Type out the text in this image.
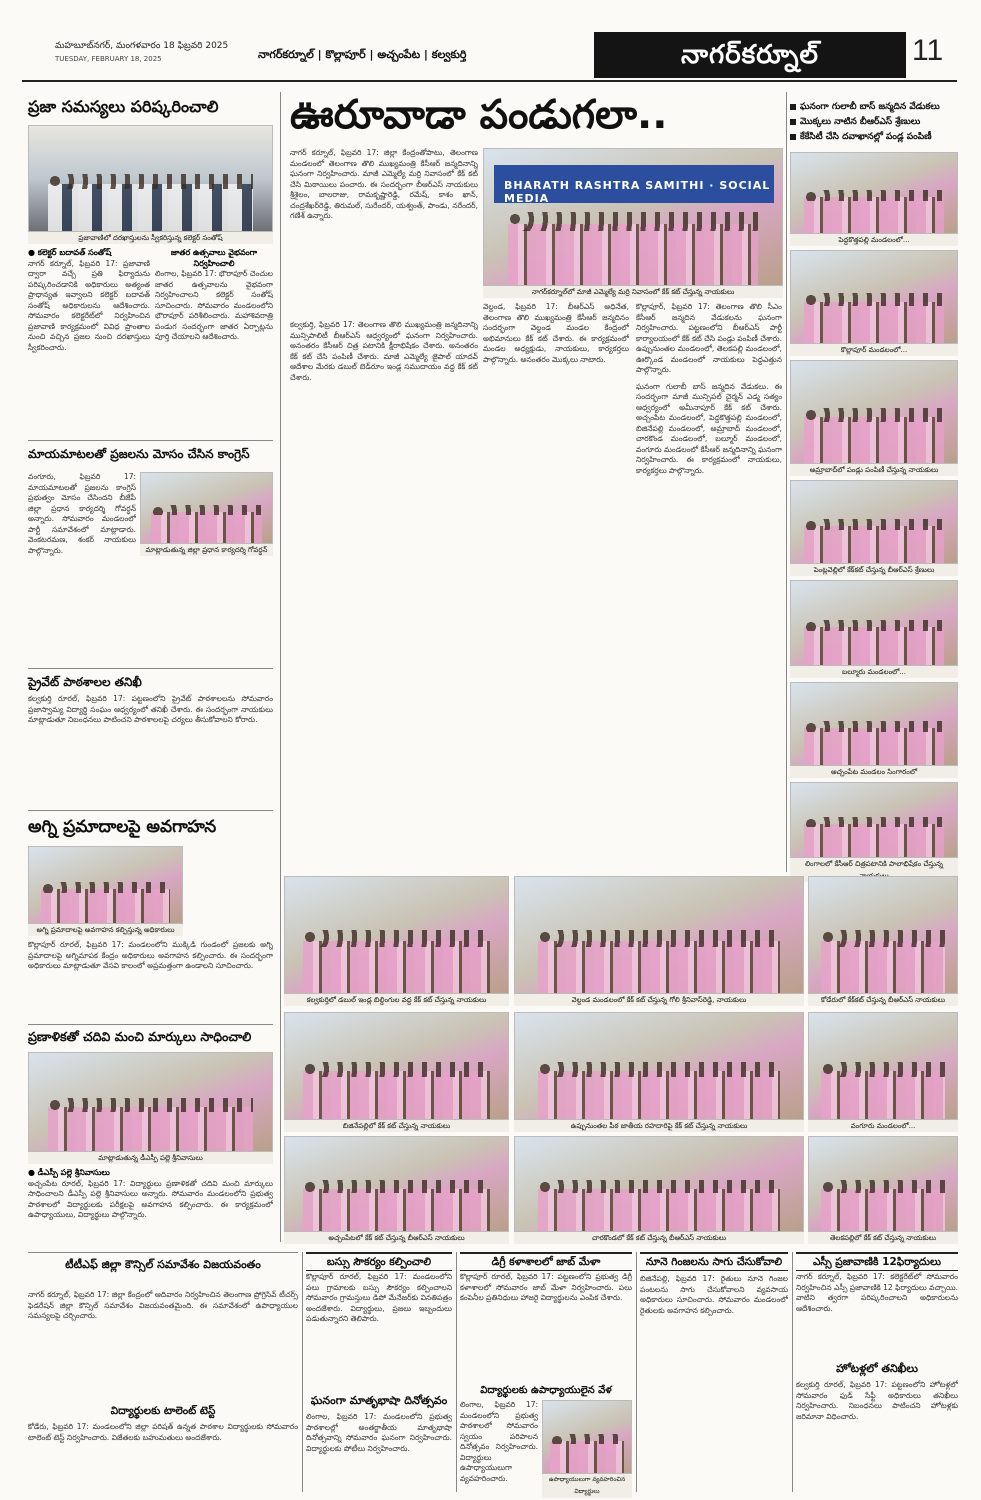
మహబూబ్‌నగర్, మంగళవారం 18 ఫిబ్రవరి 2025
TUESDAY, FEBRUARY 18, 2025	నాగర్‌కర్నూల్ | కొల్లాపూర్ | అచ్చంపేట | కల్వకుర్తి	నాగర్‌కర్నూల్	11
ప్రజా సమస్యలు పరిష్కరించాలి
ప్రజావాణిలో దరఖాస్తులను స్వీకరిస్తున్న కలెక్టర్ సంతోష్
● కలెక్టర్ బదావత్ సంతోష్
నాగర్ కర్నూల్, ఫిబ్రవరి 17: ప్రజావాణి ద్వారా వచ్చే ప్రతి ఫిర్యాదును పరిష్కరించడానికి అధికారులు అత్యంత ప్రాధాన్యత ఇవ్వాలని కలెక్టర్ బదావత్ సంతోష్ అధికారులను ఆదేశించారు. సోమవారం కలెక్టరేట్‌లో నిర్వహించిన ప్రజావాణి కార్యక్రమంలో వివిధ ప్రాంతాల నుంచి వచ్చిన ప్రజల నుంచి దరఖాస్తులు స్వీకరించారు.
జాతర ఉత్సవాలు వైభవంగా నిర్వహించాలి
లింగాల, ఫిబ్రవరి 17: భౌరాపూర్ చెంచుల జాతర ఉత్సవాలను వైభవంగా నిర్వహించాలని కలెక్టర్ సంతోష్ సూచించారు. సోమవారం మండలంలోని భౌరాపూర్ పరిశీలించారు. మహాశివరాత్రి పండుగ సందర్భంగా జాతర ఏర్పాట్లను పూర్తి చేయాలని ఆదేశించారు.
మాయమాటలతో ప్రజలను మోసం చేసిన కాంగ్రెస్
వంగూరు, ఫిబ్రవరి 17: మాయమాటలతో ప్రజలను కాంగ్రెస్ ప్రభుత్వం మోసం చేసిందని బీజేపీ జిల్లా ప్రధాన కార్యదర్శి గోవర్ధన్ అన్నారు. సోమవారం మండలంలో పార్టీ సమావేశంలో మాట్లాడారు. వెంకటరమణ, శంకర్ నాయకులు పాల్గొన్నారు.	మాట్లాడుతున్న జిల్లా ప్రధాన కార్యదర్శి గోవర్ధన్
ప్రైవేట్ పాఠశాలల తనిఖీ
కల్వకుర్తి రూరల్, ఫిబ్రవరి 17: పట్టణంలోని ప్రైవేట్ పాఠశాలలను సోమవారం ప్రజాస్వామ్య విద్యార్థి సంఘం ఆధ్వర్యంలో తనిఖీ చేశారు. ఈ సందర్భంగా నాయకులు మాట్లాడుతూ నిబంధనలు పాటించని పాఠశాలలపై చర్యలు తీసుకోవాలని కోరారు.
అగ్ని ప్రమాదాలపై అవగాహన
అగ్ని ప్రమాదాలపై అవగాహన కల్పిస్తున్న అధికారులు
కొల్లాపూర్ రూరల్, ఫిబ్రవరి 17: మండలంలోని ముక్కిడి గుండంలో ప్రజలకు అగ్ని ప్రమాదాలపై అగ్నిమాపక కేంద్రం అధికారులు అవగాహన కల్పించారు. ఈ సందర్భంగా అధికారులు మాట్లాడుతూ వేసవి కాలంలో అప్రమత్తంగా ఉండాలని సూచించారు.
ప్రణాళికతో చదివి మంచి మార్కులు సాధించాలి
మాట్లాడుతున్న డీఎస్పీ పల్లె శ్రీనివాసులు
● డీఎస్పీ పల్లె శ్రీనివాసులు
అచ్చంపేట రూరల్, ఫిబ్రవరి 17: విద్యార్థులు ప్రణాళికతో చదివి మంచి మార్కులు సాధించాలని డీఎస్పీ పల్లె శ్రీనివాసులు అన్నారు. సోమవారం మండలంలోని ప్రభుత్వ పాఠశాలలో విద్యార్థులకు పరీక్షలపై అవగాహన కల్పించారు. ఈ కార్యక్రమంలో ఉపాధ్యాయులు, విద్యార్థులు పాల్గొన్నారు.
టీటీఎఫ్ జిల్లా కౌన్సిల్ సమావేశం విజయవంతం
నాగర్ కర్నూల్, ఫిబ్రవరి 17: జిల్లా కేంద్రంలో ఆదివారం నిర్వహించిన తెలంగాణ ప్రోగ్రెసివ్ టీచర్స్ ఫెడరేషన్ జిల్లా కౌన్సిల్ సమావేశం విజయవంతమైంది. ఈ సమావేశంలో ఉపాధ్యాయుల సమస్యలపై చర్చించారు.
విద్యార్థులకు టాలెంట్ టెస్ట్
కోడేరు, ఫిబ్రవరి 17: మండలంలోని జిల్లా పరిషత్ ఉన్నత పాఠశాల విద్యార్థులకు సోమవారం టాలెంట్ టెస్ట్ నిర్వహించారు. విజేతలకు బహుమతులు అందజేశారు.
ఊరూవాడా పండుగలా..
BHARATH RASHTRA SAMITHI · SOCIAL MEDIA
నాగర్‌కర్నూల్‌లో మాజీ ఎమ్మెల్యే మర్రి నివాసంలో కేక్ కట్ చేస్తున్న నాయకులు
నాగర్‌ కర్నూల్‌, ఫిబ్రవరి 17: జిల్లా కేంద్రంతోపాటు, తెలంగాణ మండలంలో తెలంగాణ తొలి ముఖ్యమంత్రి కేసీఆర్ జన్మదినాన్ని ఘనంగా నిర్వహించారు. మాజీ ఎమ్మెల్యే మర్రి నివాసంలో కేక్ కట్ చేసి మిఠాయిలు పంచారు. ఈ సందర్భంగా బీఆర్ఎస్ నాయకులు శ్రీశైలం, బాలరాజు, రామకృష్ణారెడ్డి, రమేష్, కాశం ఖాన్, చంద్రశేఖర్‌రెడ్డి, తిరుమల్, సురేందర్, యశ్వంత్, పాండు, నరేందర్, గణేశ్ ఉన్నారు.
కల్వకుర్తి, ఫిబ్రవరి 17: తెలంగాణ తొలి ముఖ్యమంత్రి జన్మదినాన్ని మున్సిపాలిటీ బీఆర్ఎస్ ఆధ్వర్యంలో ఘనంగా నిర్వహించారు. అనంతరం కేసీఆర్ చిత్ర పటానికి క్షీరాభిషేకం చేశారు. అనంతరం కేక్ కట్ చేసి పంపిణీ చేశారు. మాజీ ఎమ్మెల్యే జైపాల్ యాదవ్ ఆదేశాల మేరకు డబుల్ బెడ్‌రూం ఇండ్ల సముదాయం వద్ద కేక్ కట్ చేశారు.
వెల్దండ, ఫిబ్రవరి 17: బీఆర్ఎస్ అధినేత, తెలంగాణ తొలి ముఖ్యమంత్రి కేసీఆర్ జన్మదినం సందర్భంగా వెల్దండ మండల కేంద్రంలో అభిమానులు కేక్ కట్ చేశారు. ఈ కార్యక్రమంలో మండల అధ్యక్షుడు, నాయకులు, కార్యకర్తలు పాల్గొన్నారు. అనంతరం మొక్కలు నాటారు.
కొల్లాపూర్, ఫిబ్రవరి 17: తెలంగాణ తొలి సీఎం కేసీఆర్ జన్మదిన వేడుకలను ఘనంగా నిర్వహించారు. పట్టణంలోని బీఆర్ఎస్ పార్టీ కార్యాలయంలో కేక్ కట్ చేసి పండ్లు పంపిణీ చేశారు. ఉప్పునుంతల మండలంలో, తెలకపల్లి మండలంలో, ఊర్కొండ మండలంలో నాయకులు పెద్దఎత్తున పాల్గొన్నారు.
ఘనంగా గులాబీ బాస్ జన్మదిన వేడుకలు. ఈ సందర్భంగా మాజీ మున్సిపల్ చైర్మన్ ఎడ్మ సత్యం ఆధ్వర్యంలో అమీనాపూర్ కేక్ కట్ చేశారు. అచ్చంపేట మండలంలో, పెద్దకొత్తపల్లి మండలంలో, బిజినేపల్లి మండలంలో, అమ్రాబాద్ మండలంలో, చారకొండ మండలంలో, బల్మూర్ మండలంలో, వంగూరు మండలంలో కేసీఆర్ జన్మదినాన్ని ఘనంగా నిర్వహించారు. ఈ కార్యక్రమంలో నాయకులు, కార్యకర్తలు పాల్గొన్నారు.
ఘనంగా గులాబీ బాస్ జన్మదిన వేడుకలు
మొక్కలు నాటిన బీఆర్ఎస్ శ్రేణులు
కేకేసిటీ చేసి దవాఖానల్లో పండ్ల పంపిణీ
పెద్దకొత్తపల్లి మండలంలో...
కొల్లాపూర్ మండలంలో...
అమ్రాబాద్‌లో పండ్లు పంపిణీ చేస్తున్న నాయకులు
పెంట్లవెల్లిలో కేక్‌కట్ చేస్తున్న బీఆర్ఎస్ శ్రేణులు
బల్మూరు మండలంలో...
అచ్చంపేట మండలం సింగారంలో
లింగాలలో కేసీఆర్ చిత్రపటానికి పాలాభిషేకం చేస్తున్న
కల్వకుర్తిలో డబుల్ ఇండ్ల బిల్డింగుల వద్ద కేక్ కట్ చేస్తున్న నాయకులు	వెల్దండ మండలంలో కేక్ కట్ చేస్తున్న గోలి శ్రీనివాస్‌రెడ్డి, నాయకులు	కోడేరులో కేక్‌కట్ చేస్తున్న బీఆర్ఎస్ నాయకులు
బిజినేపల్లిలో కేక్ కట్ చేస్తున్న నాయకులు	ఉప్పునుంతల పీఠ జాతీయ రహదారిపై కేక్ కట్ చేస్తున్న నాయకులు	వంగూరు మండలంలో...
అచ్చంపేటలో కేక్ కట్ చేస్తున్న బీఆర్ఎస్ నాయకులు	చారకొండలో కేక్ కట్ చేస్తున్న బీఆర్ఎస్ నాయకులు	తెలకపల్లిలో కేక్ కట్ చేస్తున్న నాయకులు
బస్సు సౌకర్యం కల్పించాలి
కొల్లాపూర్ రూరల్, ఫిబ్రవరి 17: మండలంలోని పలు గ్రామాలకు బస్సు సౌకర్యం కల్పించాలని సోమవారం గ్రామస్తులు డిపో మేనేజర్‌కు వినతిపత్రం అందజేశారు. విద్యార్థులు, ప్రజలు ఇబ్బందులు పడుతున్నారని తెలిపారు.
ఘనంగా మాతృభాషా దినోత్సవం
లింగాల, ఫిబ్రవరి 17: మండలంలోని ప్రభుత్వ పాఠశాలల్లో అంతర్జాతీయ మాతృభాషా దినోత్సవాన్ని సోమవారం ఘనంగా నిర్వహించారు. విద్యార్థులకు పోటీలు నిర్వహించారు.
డిగ్రీ కళాశాలలో జాబ్ మేళా
కొల్లాపూర్ రూరల్, ఫిబ్రవరి 17: పట్టణంలోని ప్రభుత్వ డిగ్రీ కళాశాలలో సోమవారం జాబ్ మేళా నిర్వహించారు. పలు కంపెనీల ప్రతినిధులు హాజరై విద్యార్థులను ఎంపిక చేశారు.
విద్యార్థులకు ఉపాధ్యాయులైన వేళ
లింగాల, ఫిబ్రవరి 17: మండలంలోని ప్రభుత్వ పాఠశాలలో సోమవారం స్వయం పరిపాలన దినోత్సవం నిర్వహించారు. విద్యార్థులు ఉపాధ్యాయులుగా వ్యవహరించారు.	ఉపాధ్యాయులుగా వ్యవహరించిన విద్యార్థులు
నూనె గింజలను సాగు చేసుకోవాలి
బిజినేపల్లి, ఫిబ్రవరి 17: రైతులు నూనె గింజల పంటలను సాగు చేసుకోవాలని వ్యవసాయ అధికారులు సూచించారు. సోమవారం మండలంలో రైతులకు అవగాహన కల్పించారు.
ఎస్సీ ప్రజావాణికి 12ఫిర్యాదులు
నాగర్ కర్నూల్, ఫిబ్రవరి 17: కలెక్టరేట్‌లో సోమవారం నిర్వహించిన ఎస్సీ ప్రజావాణికి 12 ఫిర్యాదులు వచ్చాయి. వాటిని త్వరగా పరిష్కరించాలని అధికారులను ఆదేశించారు.
హోటళ్లలో తనిఖీలు
కల్వకుర్తి రూరల్, ఫిబ్రవరి 17: పట్టణంలోని హోటళ్లలో సోమవారం ఫుడ్ సేఫ్టీ అధికారులు తనిఖీలు నిర్వహించారు. నిబంధనలు పాటించని హోటళ్లకు జరిమానా విధించారు.
